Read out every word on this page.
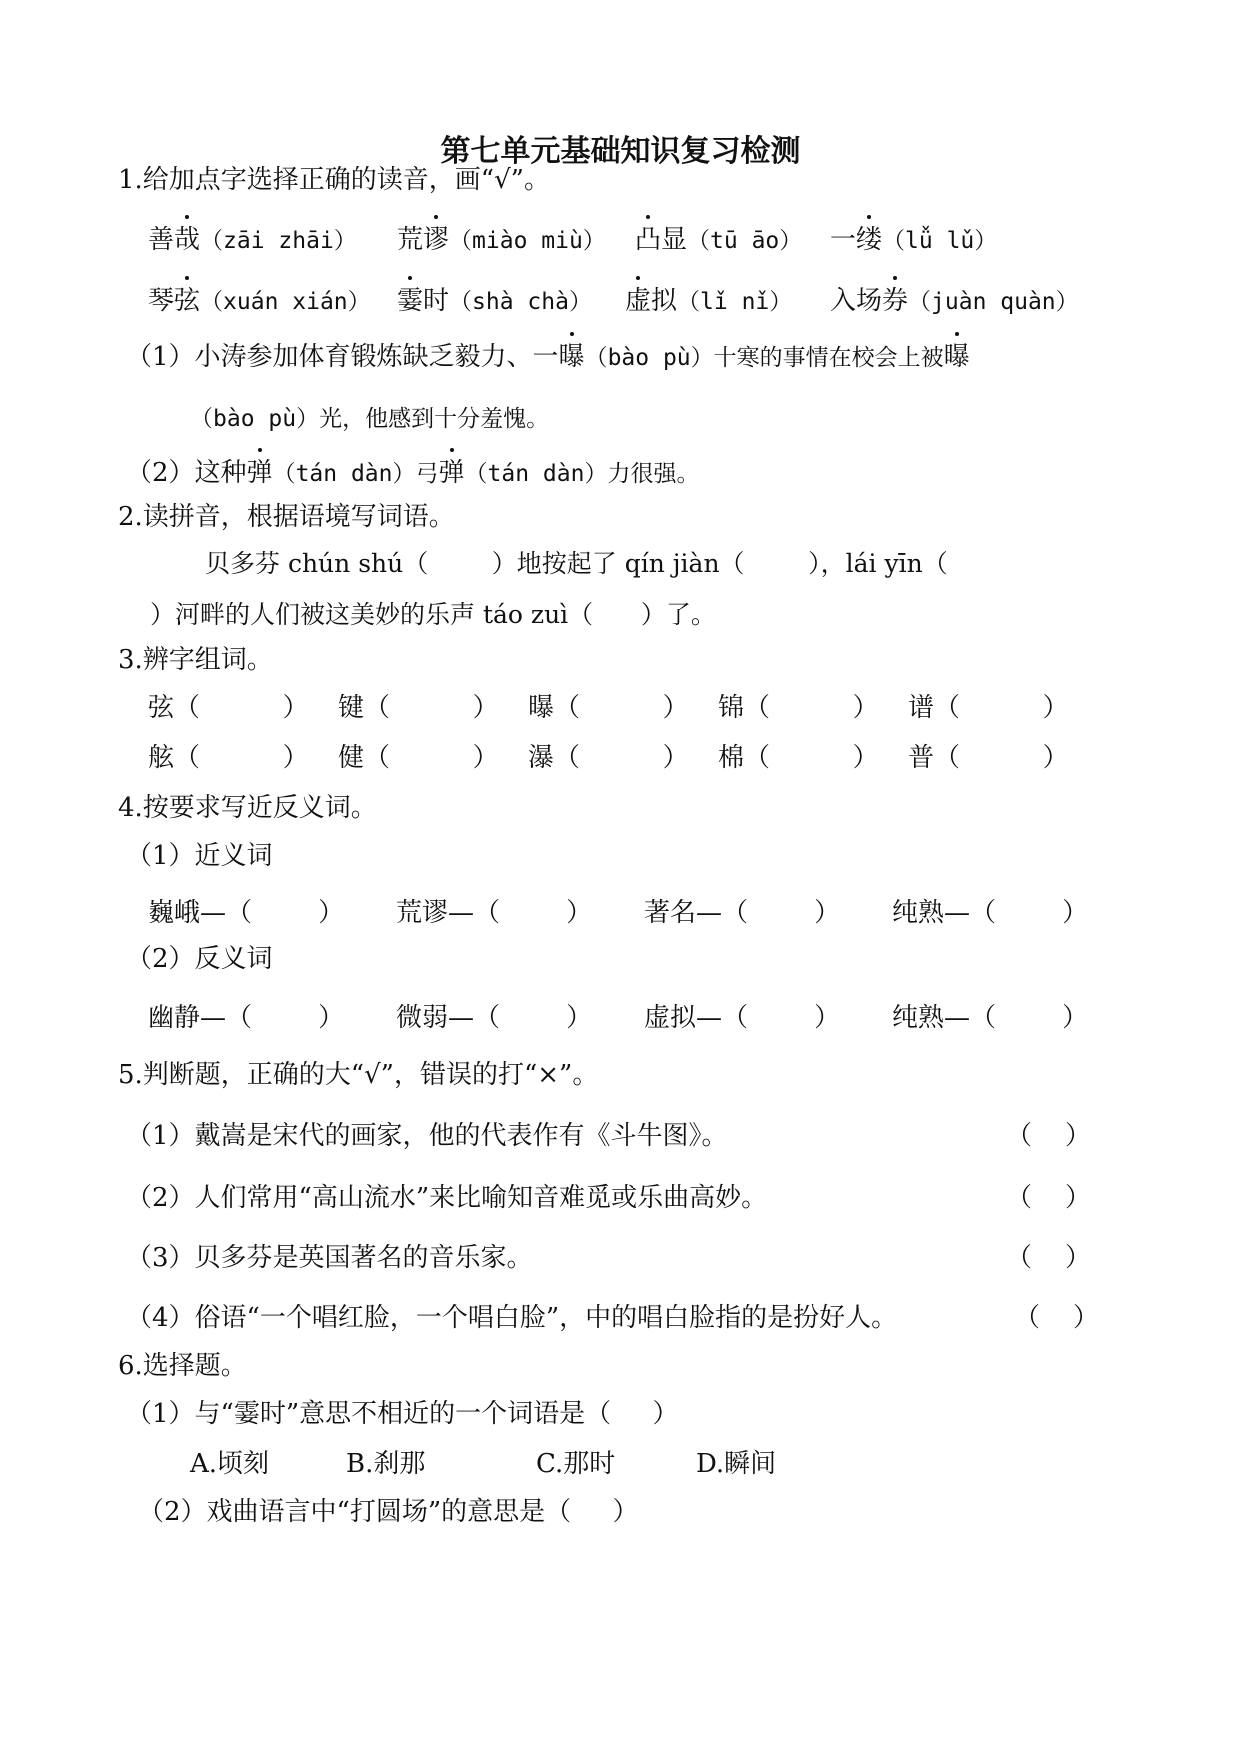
第七单元基础知识复习检测
1.给加点字选择正确的读音，画“√”。
善哉（zāi zhāi） 荒谬（miào miù） 凸显（tū āo） 一缕（lǚ lǔ）
琴弦（xuán xián） 霎时（shà chà） 虚拟（lǐ nǐ） 入场券（juàn quàn）
（1）小涛参加体育锻炼缺乏毅力、一曝（bào pù）十寒的事情在校会上被曝
（bào pù）光，他感到十分羞愧。
（2）这种弹（tán dàn）弓弹（tán dàn）力很强。
2.读拼音，根据语境写词语。
贝多芬 chún shú（        ）地按起了 qín jiàn（        ），lái yīn（
）河畔的人们被这美妙的乐声 táo zuì（      ）了。
3.辨字组词。
弦（          ） 键（          ） 曝（          ） 锦（          ） 谱（          ）
舷（          ） 健（          ） 瀑（          ） 棉（          ） 普（          ）
4.按要求写近反义词。
（1）近义词
巍峨—（        ） 荒谬—（        ） 著名—（        ） 纯熟—（        ）
（2）反义词
幽静—（        ） 微弱—（        ） 虚拟—（        ） 纯熟—（        ）
5.判断题，正确的大“√”，错误的打“×”。
（1）戴嵩是宋代的画家，他的代表作有《斗牛图》。	（    ）
（2）人们常用“高山流水”来比喻知音难觅或乐曲高妙。	（    ）
（3）贝多芬是英国著名的音乐家。	（    ）
（4）俗语“一个唱红脸，一个唱白脸”，中的唱白脸指的是扮好人。	（    ）
6.选择题。
（1）与“霎时”意思不相近的一个词语是（     ）
A.顷刻	B.刹那	C.那时	D.瞬间
（2）戏曲语言中“打圆场”的意思是（     ）
